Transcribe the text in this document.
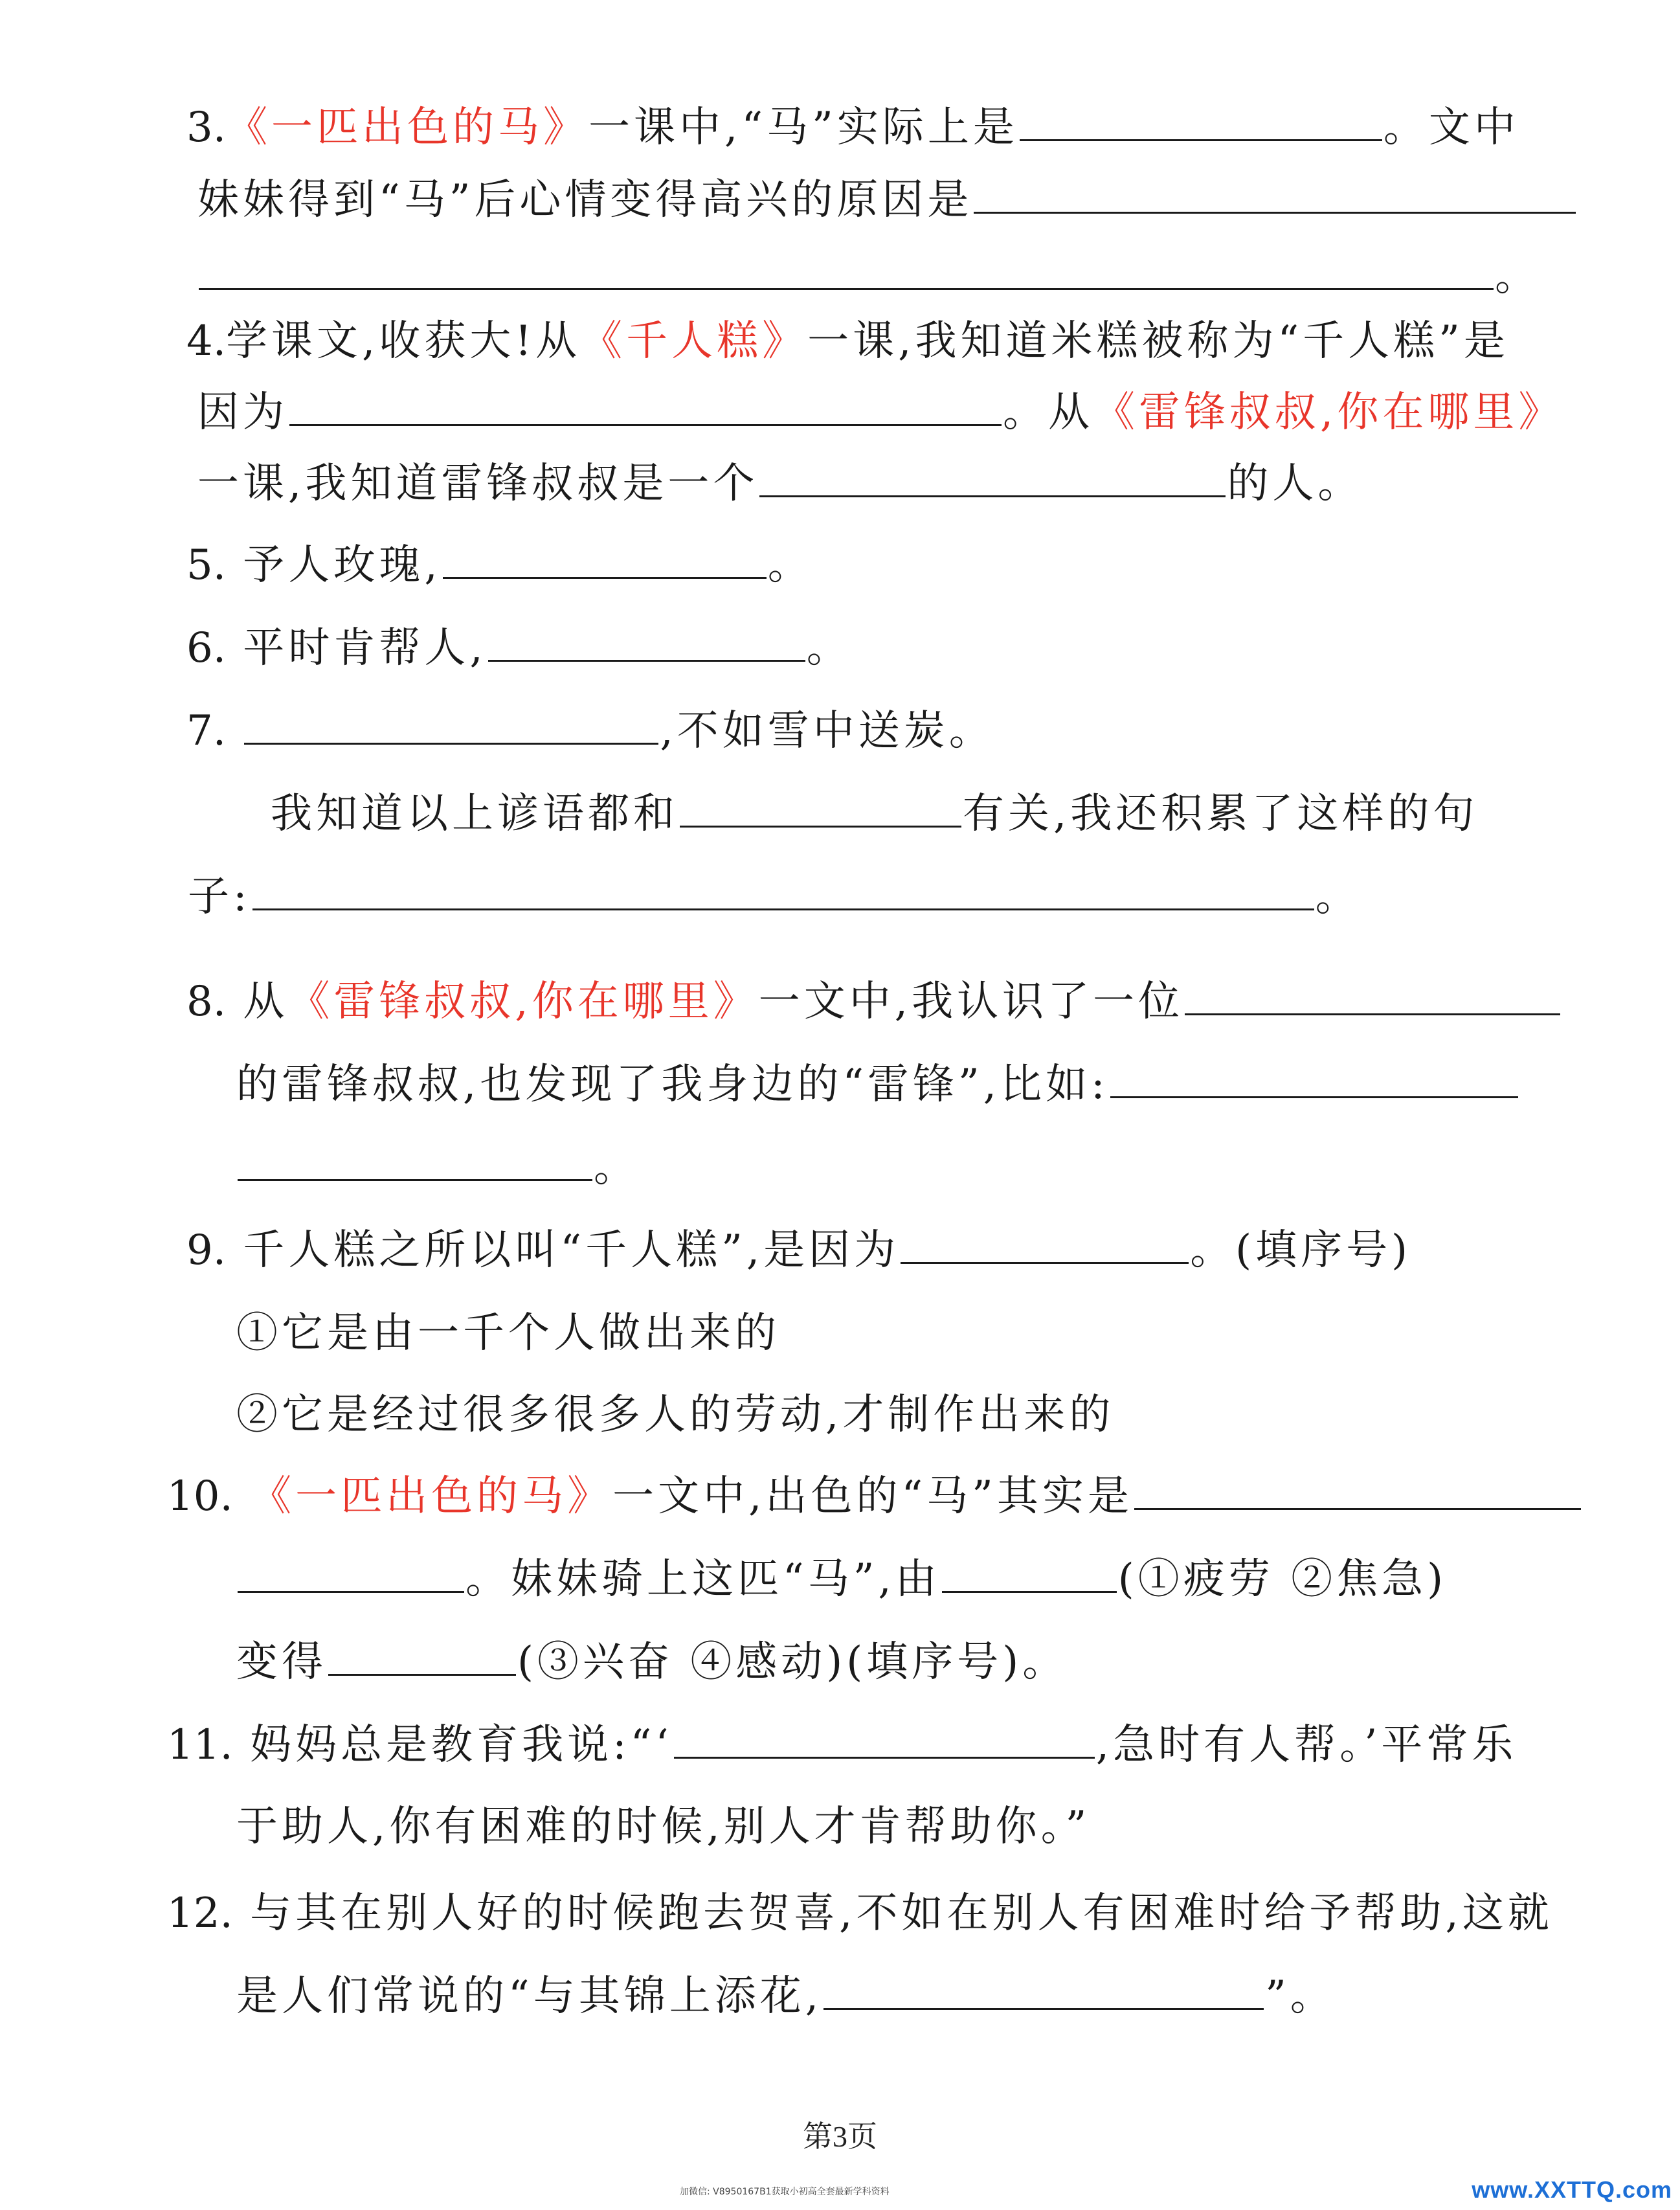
3.《一匹出色的马》一课中,“马”实际上是	。文中
妹妹得到“马”后心情变得高兴的原因是
。
4.学课文,收获大!从《千人糕》一课,我知道米糕被称为“千人糕”是
因为	。从《雷锋叔叔,你在哪里》
一课,我知道雷锋叔叔是一个	的人。
5. 予人玫瑰,	。
6. 平时肯帮人,	。
7.	,不如雪中送炭。
我知道以上谚语都和	有关,我还积累了这样的句
子:	。
8. 从《雷锋叔叔,你在哪里》一文中,我认识了一位
的雷锋叔叔,也发现了我身边的“雷锋”,比如:
。
9. 千人糕之所以叫“千人糕”,是因为	。(填序号)
①它是由一千个人做出来的
②它是经过很多很多人的劳动,才制作出来的
10. 《一匹出色的马》一文中,出色的“马”其实是
。妹妹骑上这匹“马”,由	(①疲劳 ②焦急)
变得	(③兴奋 ④感动)(填序号)。
11. 妈妈总是教育我说:“‘	,急时有人帮。’平常乐
于助人,你有困难的时候,别人才肯帮助你。”
12. 与其在别人好的时候跑去贺喜,不如在别人有困难时给予帮助,这就
是人们常说的“与其锦上添花,	”。
第3页
加微信: V8950167B1获取小初高全套最新学科资料	www.XXTTQ.com
